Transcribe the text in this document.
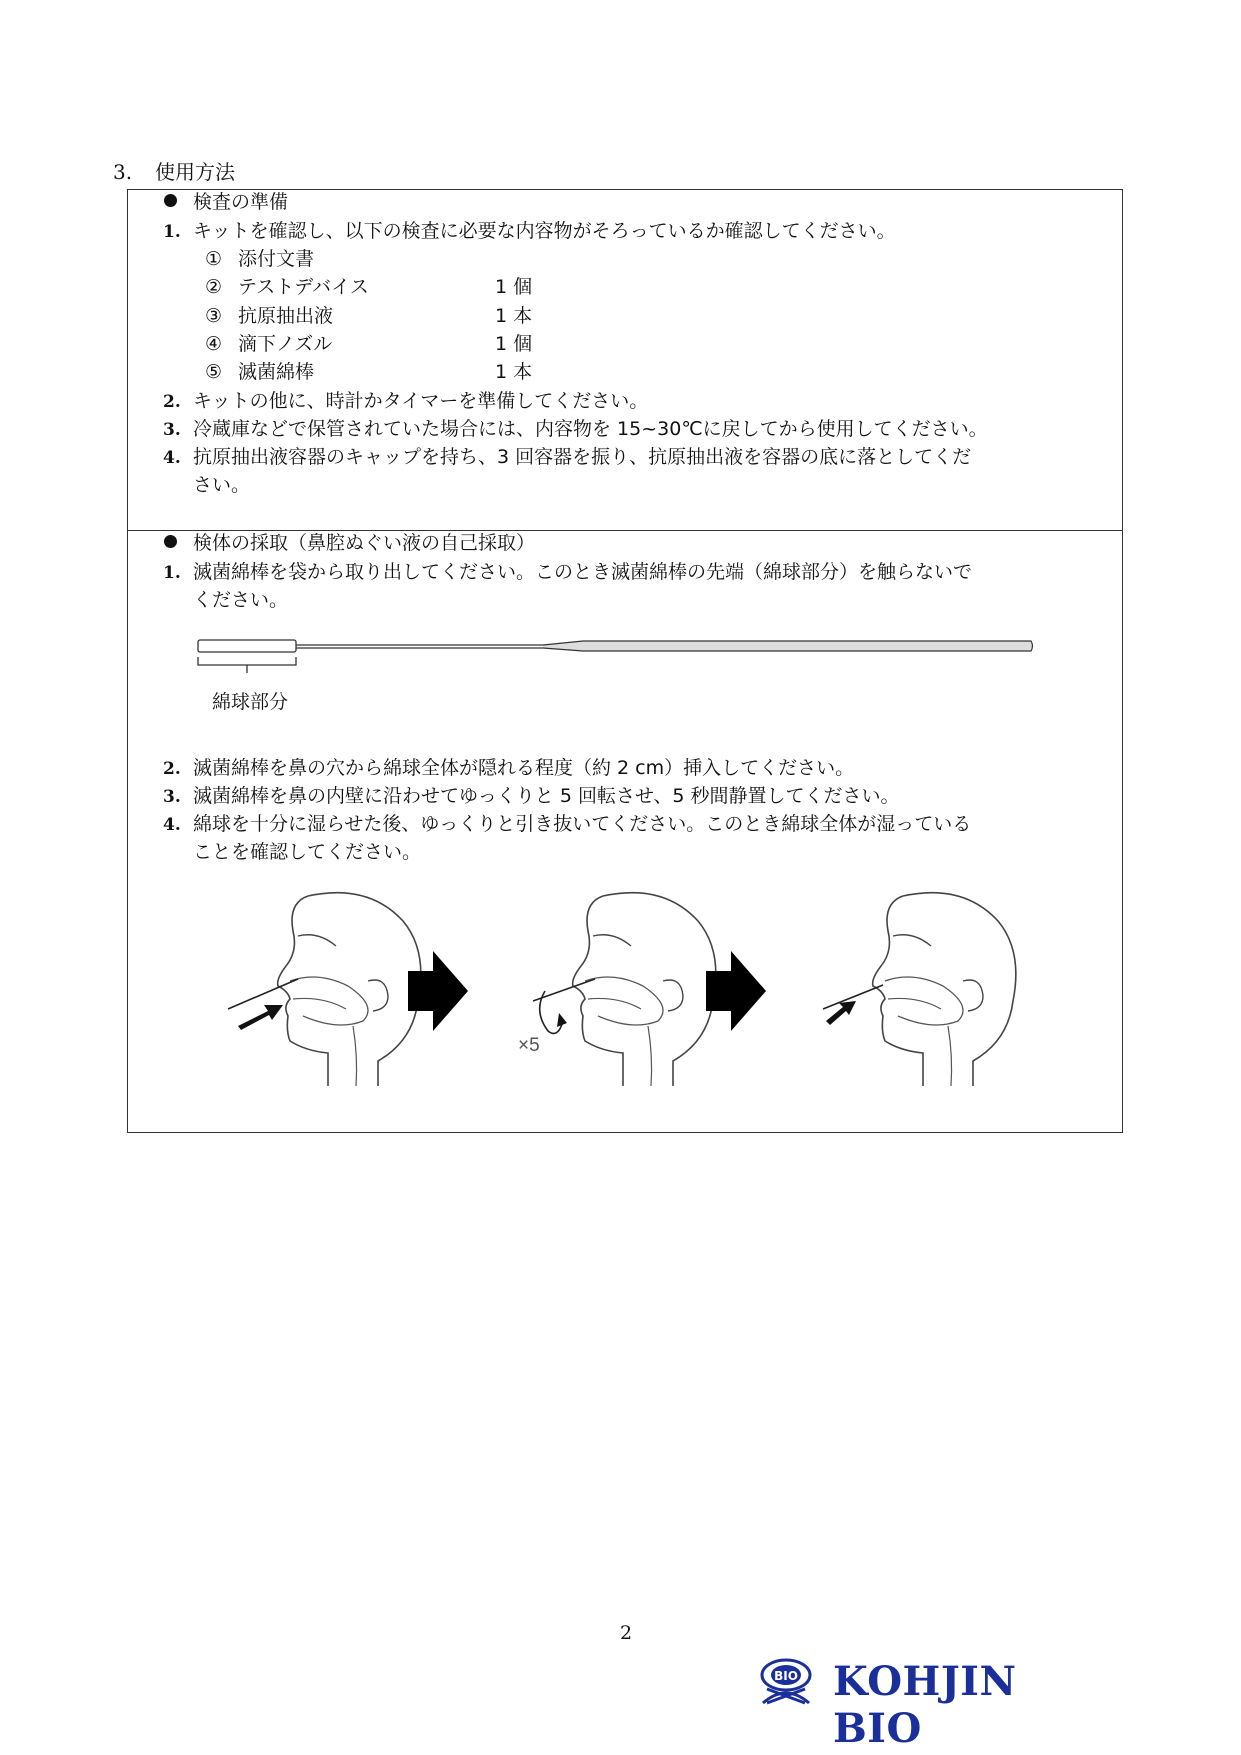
3. 使用方法
検査の準備
1. キットを確認し、以下の検査に必要な内容物がそろっているか確認してください。
① 添付文書
② テストデバイス	1 個
③ 抗原抽出液	1 本
④ 滴下ノズル	1 個
⑤ 滅菌綿棒	1 本
2. キットの他に、時計かタイマーを準備してください。
3. 冷蔵庫などで保管されていた場合には、内容物を 15~30℃に戻してから使用してください。
4. 抗原抽出液容器のキャップを持ち、3 回容器を振り、抗原抽出液を容器の底に落としてくだ
さい。
検体の採取（鼻腔ぬぐい液の自己採取）
1. 滅菌綿棒を袋から取り出してください。このとき滅菌綿棒の先端（綿球部分）を触らないで
ください。
綿球部分
2. 滅菌綿棒を鼻の穴から綿球全体が隠れる程度（約 2 cm）挿入してください。
3. 滅菌綿棒を鼻の内壁に沿わせてゆっくりと 5 回転させ、5 秒間静置してください。
4. 綿球を十分に湿らせた後、ゆっくりと引き抜いてください。このとき綿球全体が湿っている
ことを確認してください。
×5
2
BIO KOHJIN BIO
